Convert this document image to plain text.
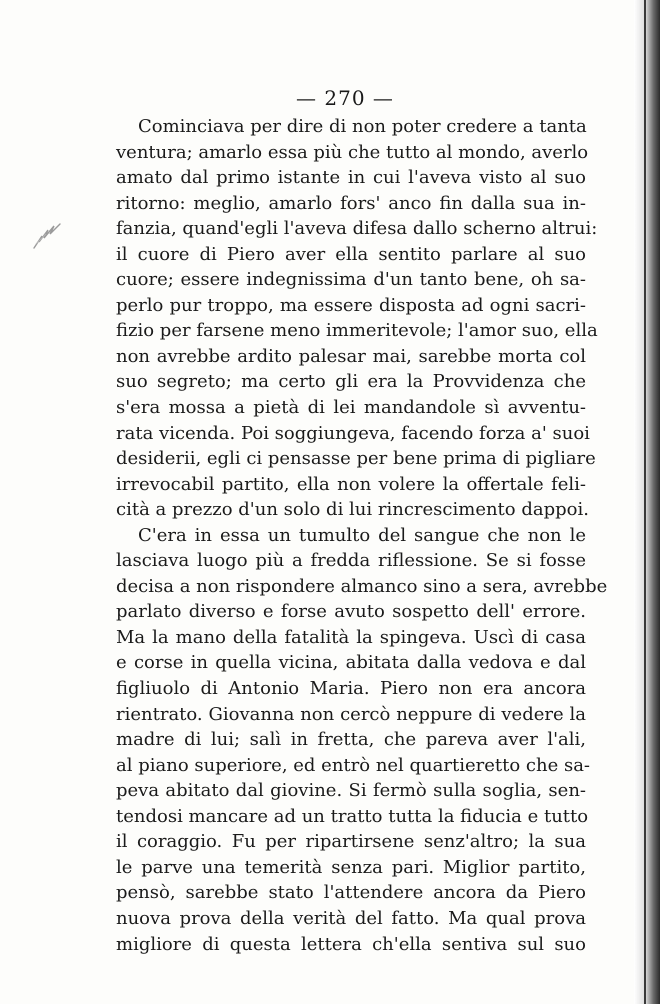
— 270 —
Cominciava per dire di non poter credere a tanta
ventura; amarlo essa più che tutto al mondo, averlo
amato dal primo istante in cui l'aveva visto al suo
ritorno: meglio, amarlo fors' anco fin dalla sua in-
fanzia, quand'egli l'aveva difesa dallo scherno altrui:
il cuore di Piero aver ella sentito parlare al suo
cuore; essere indegnissima d'un tanto bene, oh sa-
perlo pur troppo, ma essere disposta ad ogni sacri-
fizio per farsene meno immeritevole; l'amor suo, ella
non avrebbe ardito palesar mai, sarebbe morta col
suo segreto; ma certo gli era la Provvidenza che
s'era mossa a pietà di lei mandandole sì avventu-
rata vicenda. Poi soggiungeva, facendo forza a' suoi
desiderii, egli ci pensasse per bene prima di pigliare
irrevocabil partito, ella non volere la offertale feli-
cità a prezzo d'un solo di lui rincrescimento dappoi.
C'era in essa un tumulto del sangue che non le
lasciava luogo più a fredda riflessione. Se si fosse
decisa a non rispondere almanco sino a sera, avrebbe
parlato diverso e forse avuto sospetto dell' errore.
Ma la mano della fatalità la spingeva. Uscì di casa
e corse in quella vicina, abitata dalla vedova e dal
figliuolo di Antonio Maria. Piero non era ancora
rientrato. Giovanna non cercò neppure di vedere la
madre di lui; salì in fretta, che pareva aver l'ali,
al piano superiore, ed entrò nel quartieretto che sa-
peva abitato dal giovine. Si fermò sulla soglia, sen-
tendosi mancare ad un tratto tutta la fiducia e tutto
il coraggio. Fu per ripartirsene senz'altro; la sua
le parve una temerità senza pari. Miglior partito,
pensò, sarebbe stato l'attendere ancora da Piero
nuova prova della verità del fatto. Ma qual prova
migliore di questa lettera ch'ella sentiva sul suo
